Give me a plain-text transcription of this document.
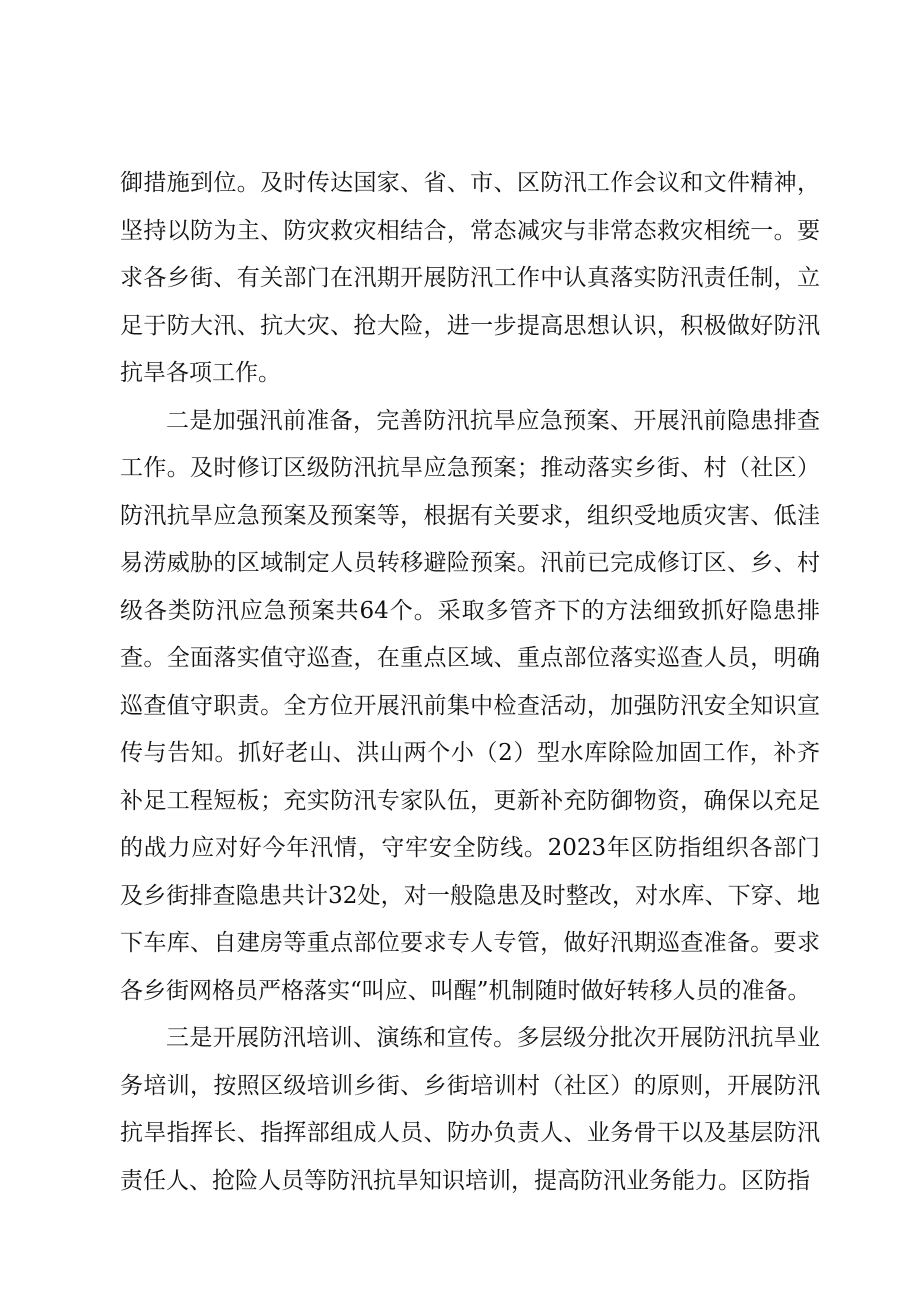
御措施到位。及时传达国家、省、市、区防汛工作会议和文件精神，坚持以防为主、防灾救灾相结合，常态减灾与非常态救灾相统一。要求各乡街、有关部门在汛期开展防汛工作中认真落实防汛责任制，立足于防大汛、抗大灾、抢大险，进一步提高思想认识，积极做好防汛抗旱各项工作。

二是加强汛前准备，完善防汛抗旱应急预案、开展汛前隐患排查工作。及时修订区级防汛抗旱应急预案；推动落实乡街、村（社区）防汛抗旱应急预案及预案等，根据有关要求，组织受地质灾害、低洼易涝威胁的区域制定人员转移避险预案。汛前已完成修订区、乡、村级各类防汛应急预案共64个。采取多管齐下的方法细致抓好隐患排查。全面落实值守巡查，在重点区域、重点部位落实巡查人员，明确巡查值守职责。全方位开展汛前集中检查活动，加强防汛安全知识宣传与告知。抓好老山、洪山两个小（2）型水库除险加固工作，补齐补足工程短板；充实防汛专家队伍，更新补充防御物资，确保以充足的战力应对好今年汛情，守牢安全防线。2023年区防指组织各部门及乡街排查隐患共计32处，对一般隐患及时整改，对水库、下穿、地下车库、自建房等重点部位要求专人专管，做好汛期巡查准备。要求各乡街网格员严格落实“叫应、叫醒”机制随时做好转移人员的准备。

三是开展防汛培训、演练和宣传。多层级分批次开展防汛抗旱业务培训，按照区级培训乡街、乡街培训村（社区）的原则，开展防汛抗旱指挥长、指挥部组成人员、防办负责人、业务骨干以及基层防汛责任人、抢险人员等防汛抗旱知识培训，提高防汛业务能力。区防指
